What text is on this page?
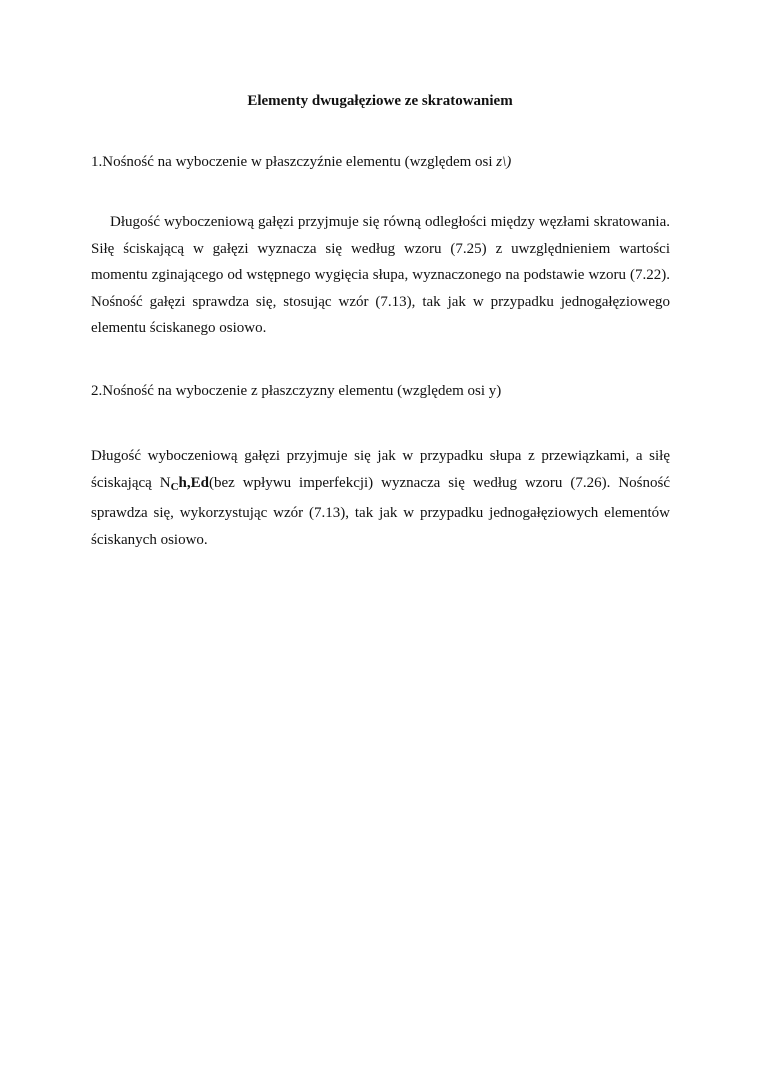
Elementy dwugałęziowe ze skratowaniem
1.Nośność na wyboczenie w płaszczyźnie elementu (względem osi z\)

Długość wyboczeniową gałęzi przyjmuje się równą odległości między węzłami skratowania. Siłę ściskającą w gałęzi wyznacza się według wzoru (7.25) z uwzględnieniem wartości momentu zginającego od wstępnego wygięcia słupa, wyznaczonego na podstawie wzoru (7.22). Nośność gałęzi sprawdza się, stosując wzór (7.13), tak jak w przypadku jednogałęziowego elementu ściskanego osiowo.

2.Nośność na wyboczenie z płaszczyzny elementu (względem osi y)

Długość wyboczeniową gałęzi przyjmuje się jak w przypadku słupa z przewiązkami, a siłę ściskającą $N_Ch,Ed(bez$ wpływu imperfekcji) wyznacza się według wzoru (7.26). Nośność sprawdza się, wykorzystując wzór (7.13), tak jak w przypadku jednogałęziowych elementów ściskanych osiowo.
